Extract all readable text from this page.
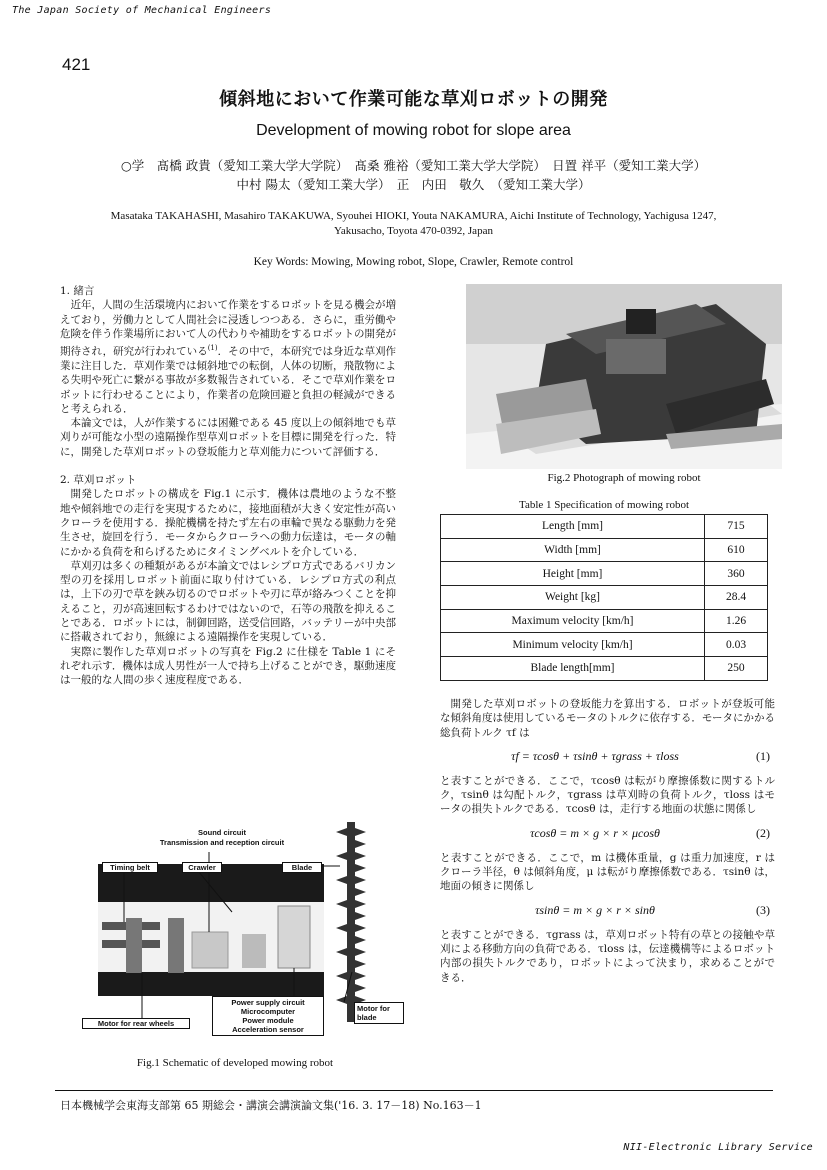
The Japan Society of Mechanical Engineers
421
傾斜地において作業可能な草刈ロボットの開発
Development of mowing robot for slope area
○学　髙橋 政貴（愛知工業大学大学院）　髙桑 雅裕（愛知工業大学大学院）　日置 祥平（愛知工業大学）
中村 陽太（愛知工業大学）　正　内田　敬久　（愛知工業大学）
Masataka TAKAHASHI, Masahiro TAKAKUWA, Syouhei HIOKI, Youta NAKAMURA, Aichi Institute of Technology, Yachigusa 1247,
Yakusacho, Toyota 470-0392, Japan
Key Words: Mowing, Mowing robot, Slope, Crawler, Remote control

1. 緒言

近年，人間の生活環境内において作業をするロボットを見る機会が増えており，労働力として人間社会に浸透しつつある．さらに，重労働や危険を伴う作業場所において人の代わりや補助をするロボットの開発が期待され，研究が行われている$^{(1)}$．その中で，本研究では身近な草刈作業に注目した．草刈作業では傾斜地での転倒，人体の切断，飛散物による失明や死亡に繋がる事故が多数報告されている．そこで草刈作業をロボットに行わせることにより，作業者の危険回避と負担の軽減ができると考えられる．

本論文では，人が作業するには困難である 45 度以上の傾斜地でも草刈りが可能な小型の遠隔操作型草刈ロボットを目標に開発を行った．特に，開発した草刈ロボットの登坂能力と草刈能力について評価する．

2. 草刈ロボット

開発したロボットの構成を Fig.1 に示す．機体は農地のような不整地や傾斜地での走行を実現するために，接地面積が大きく安定性が高いクローラを使用する．操舵機構を持たず左右の車輪で異なる駆動力を発生させ，旋回を行う．モータからクローラへの動力伝達は，モータの軸にかかる負荷を和らげるためにタイミングベルトを介している．

草刈刃は多くの種類があるが本論文ではレシプロ方式であるバリカン型の刃を採用しロボット前面に取り付けている．レシプロ方式の利点は，上下の刃で草を鋏み切るのでロボットや刃に草が絡みつくことを抑えること，刃が高速回転するわけではないので，石等の飛散を抑えることである．ロボットには，制御回路，送受信回路，バッテリーが中央部に搭載されており，無線による遠隔操作を実現している．

実際に製作した草刈ロボットの写真を Fig.2 に仕様を Table 1 にそれぞれ示す．機体は成人男性が一人で持ち上げることができ，駆動速度は一般的な人間の歩く速度程度である．

Sound circuit
Transmission and reception circuit
Timing belt	Crawler	Blade
Power supply circuit
Microcomputer
Power module
Acceleration sensor
Motor for blade
Motor for rear wheels
Fig.1 Schematic of developed mowing robot
Fig.2 Photograph of mowing robot
Table 1 Specification of mowing robot
Length [mm]	715
Width [mm]	610
Height [mm]	360
Weight [kg]	28.4
Maximum velocity [km/h]	1.26
Minimum velocity [km/h]	0.03
Blade length[mm]	250

開発した草刈ロボットの登坂能力を算出する．ロボットが登坂可能な傾斜角度は使用しているモータのトルクに依存する．モータにかかる総負荷トルク τf は

τf = τcosθ + τsinθ + τgrass + τloss	(1)

と表すことができる．ここで，τcosθ は転がり摩擦係数に関するトルク，τsinθ は勾配トルク，τgrass は草刈時の負荷トルク，τloss はモータの損失トルクである．τcosθ は，走行する地面の状態に関係し

τcosθ = m × g × r × μcosθ	(2)

と表すことができる．ここで，m は機体重量，g は重力加速度，r はクローラ半径，θ は傾斜角度，μ は転がり摩擦係数である．τsinθ は，地面の傾きに関係し

τsinθ = m × g × r × sinθ	(3)

と表すことができる．τgrass は，草刈ロボット特有の草との接触や草刈による移動方向の負荷である．τloss は，伝達機構等によるロボット内部の損失トルクであり，ロボットによって決まり，求めることができる．

日本機械学会東海支部第 65 期総会・講演会講演論文集('16. 3. 17－18) No.163－1
NII-Electronic Library Service
